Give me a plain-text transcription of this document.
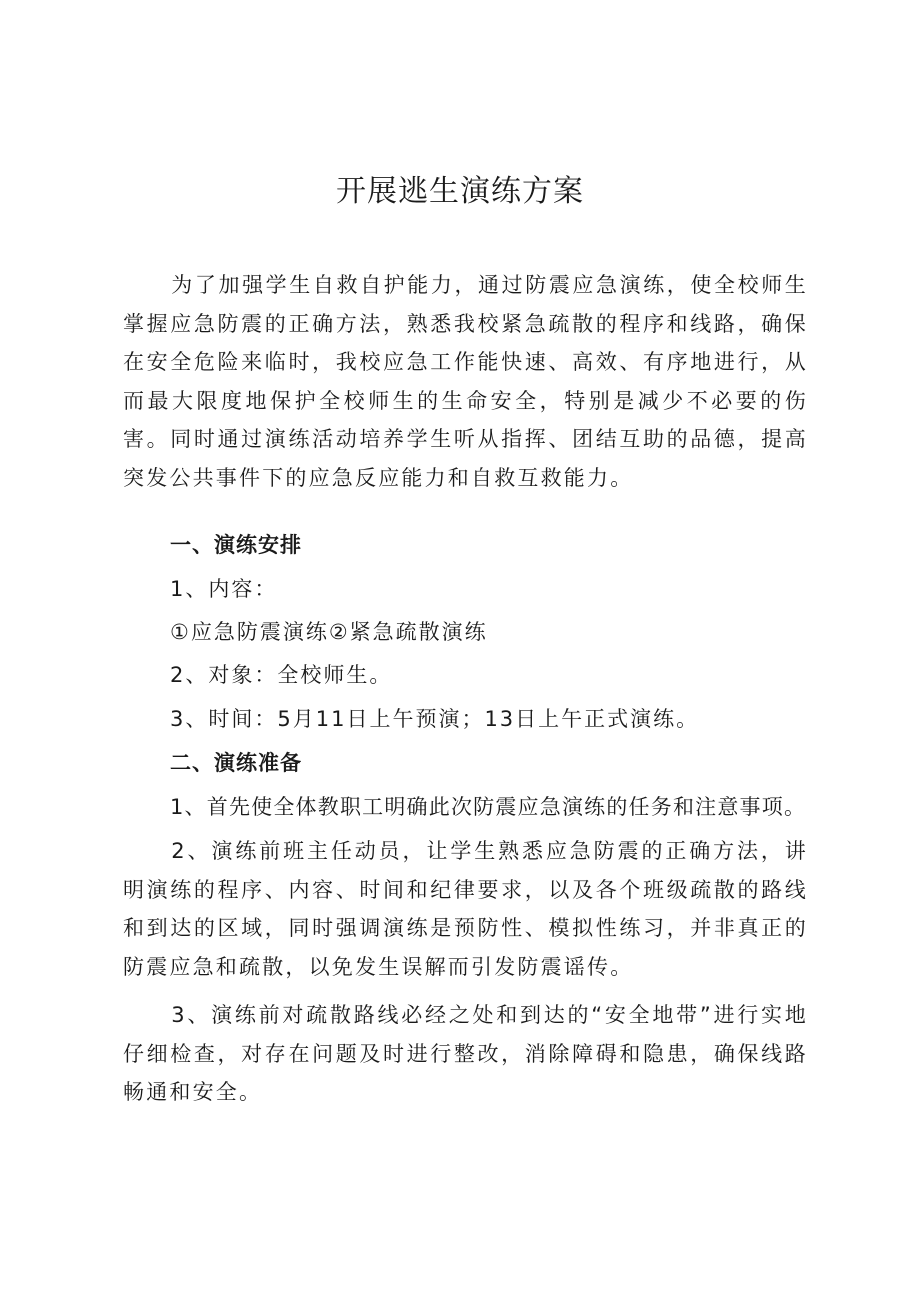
开展逃生演练方案

为了加强学生自救自护能力，通过防震应急演练，使全校师生掌握应急防震的正确方法，熟悉我校紧急疏散的程序和线路，确保在安全危险来临时，我校应急工作能快速、高效、有序地进行，从而最大限度地保护全校师生的生命安全，特别是减少不必要的伤害。同时通过演练活动培养学生听从指挥、团结互助的品德，提高突发公共事件下的应急反应能力和自救互救能力。

一、演练安排

1、内容：

①应急防震演练②紧急疏散演练

2、对象：全校师生。

3、时间：5月11日上午预演；13日上午正式演练。

二、演练准备

1、首先使全体教职工明确此次防震应急演练的任务和注意事项。

2、演练前班主任动员，让学生熟悉应急防震的正确方法，讲明演练的程序、内容、时间和纪律要求，以及各个班级疏散的路线和到达的区域，同时强调演练是预防性、模拟性练习，并非真正的防震应急和疏散，以免发生误解而引发防震谣传。

3、演练前对疏散路线必经之处和到达的“安全地带”进行实地仔细检查，对存在问题及时进行整改，消除障碍和隐患，确保线路畅通和安全。
